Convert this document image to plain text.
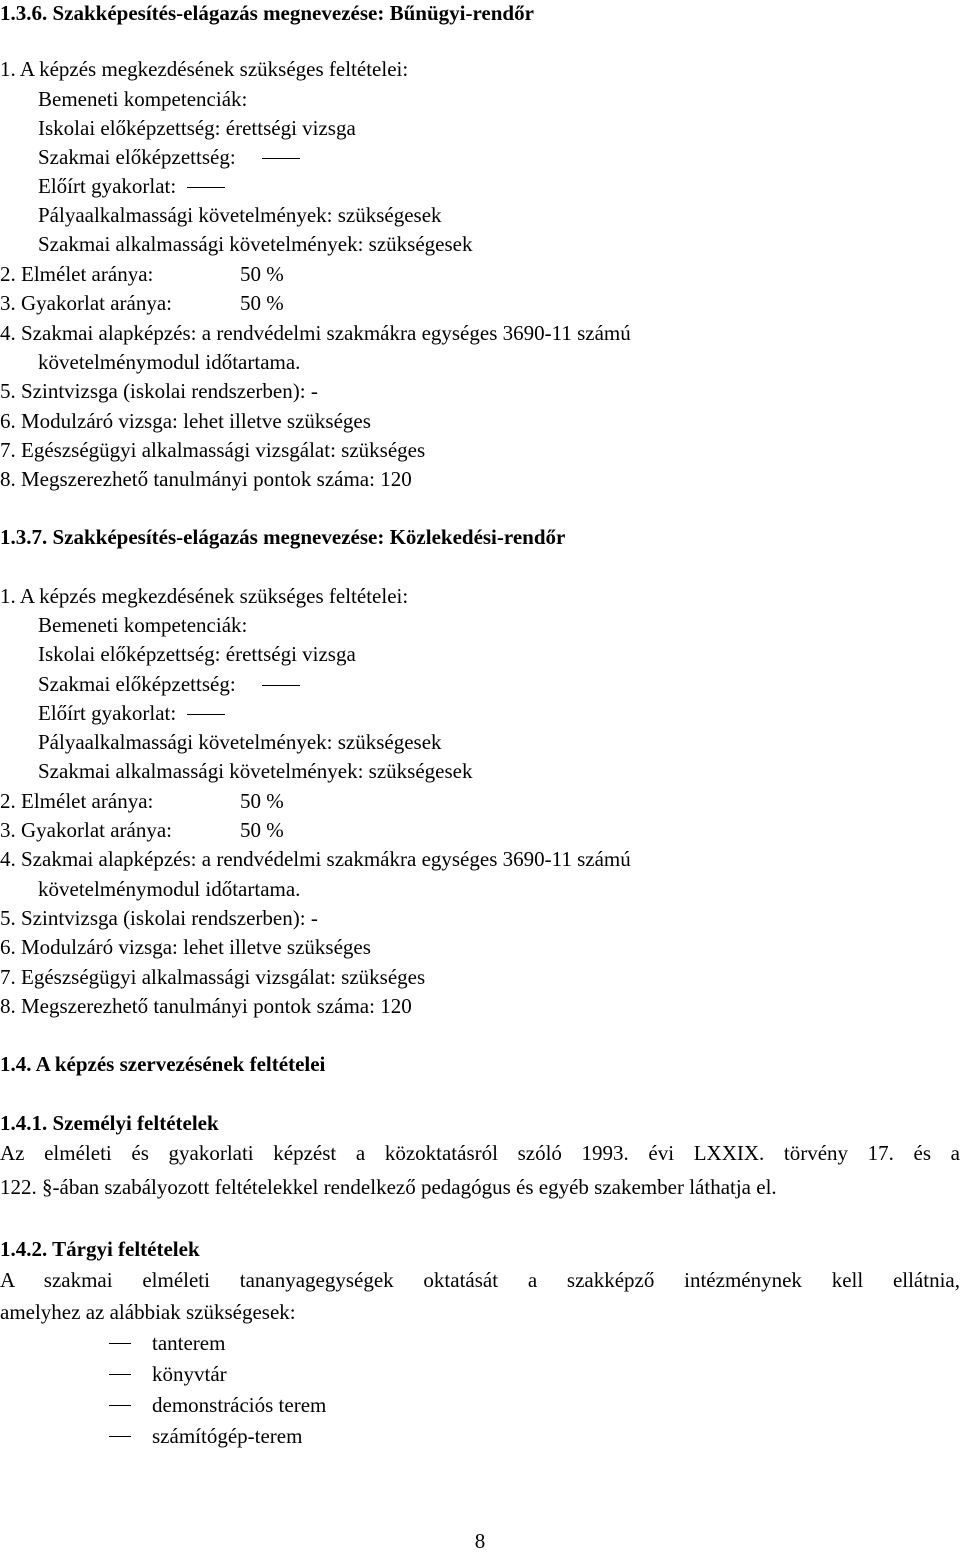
1.3.6. Szakképesítés-elágazás megnevezése: Bűnügyi-rendőr
1. A képzés megkezdésének szükséges feltételei:
Bemeneti kompetenciák:
Iskolai előképzettség: érettségi vizsga
Szakmai előképzettség:
Előírt gyakorlat:
Pályaalkalmassági követelmények: szükségesek
Szakmai alkalmassági követelmények: szükségesek
2. Elmélet aránya:	50 %
3. Gyakorlat aránya:	50 %
4. Szakmai alapképzés: a rendvédelmi szakmákra egységes 3690-11 számú
követelménymodul időtartama.
5. Szintvizsga (iskolai rendszerben): -
6. Modulzáró vizsga: lehet illetve szükséges
7. Egészségügyi alkalmassági vizsgálat: szükséges
8. Megszerezhető tanulmányi pontok száma: 120
1.3.7. Szakképesítés-elágazás megnevezése: Közlekedési-rendőr
1. A képzés megkezdésének szükséges feltételei:
Bemeneti kompetenciák:
Iskolai előképzettség: érettségi vizsga
Szakmai előképzettség:
Előírt gyakorlat:
Pályaalkalmassági követelmények: szükségesek
Szakmai alkalmassági követelmények: szükségesek
2. Elmélet aránya:	50 %
3. Gyakorlat aránya:	50 %
4. Szakmai alapképzés: a rendvédelmi szakmákra egységes 3690-11 számú
követelménymodul időtartama.
5. Szintvizsga (iskolai rendszerben): -
6. Modulzáró vizsga: lehet illetve szükséges
7. Egészségügyi alkalmassági vizsgálat: szükséges
8. Megszerezhető tanulmányi pontok száma: 120
1.4. A képzés szervezésének feltételei
1.4.1. Személyi feltételek
Az elméleti és gyakorlati képzést a közoktatásról szóló 1993. évi LXXIX. törvény 17. és a
122. §-ában szabályozott feltételekkel rendelkező pedagógus és egyéb szakember láthatja el.
1.4.2. Tárgyi feltételek
A szakmai elméleti tananyagegységek oktatását a szakképző intézménynek kell ellátnia,
amelyhez az alábbiak szükségesek:
tanterem
könyvtár
demonstrációs terem
számítógép-terem
8
